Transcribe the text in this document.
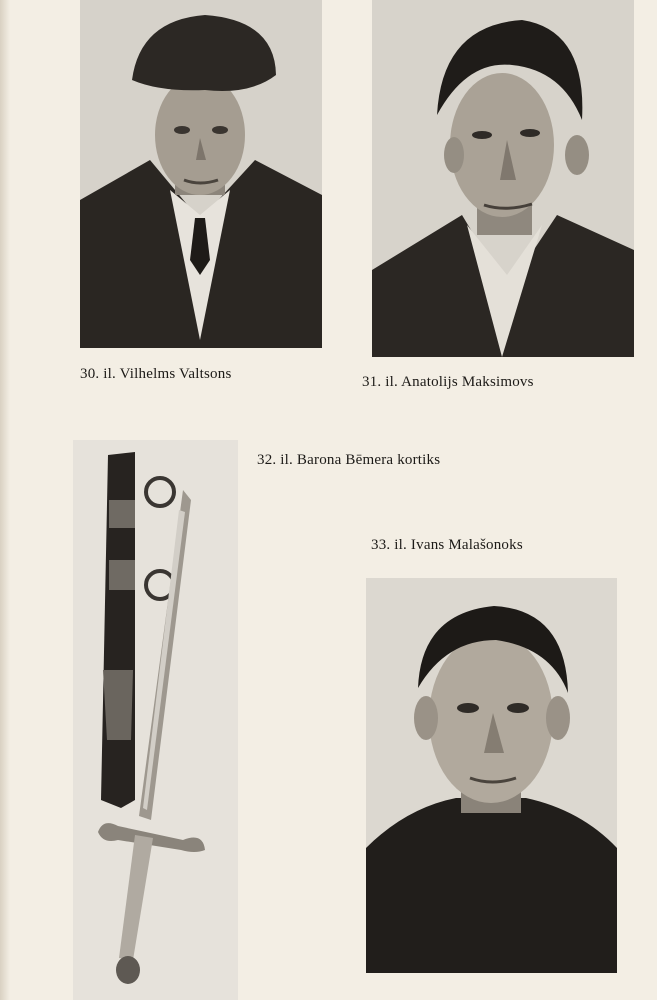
30. il. Vilhelms Valtsons	31. il. Anatolijs Maksimovs
32. il. Barona Bēmera kortiks
33. il. Ivans Malašonoks
